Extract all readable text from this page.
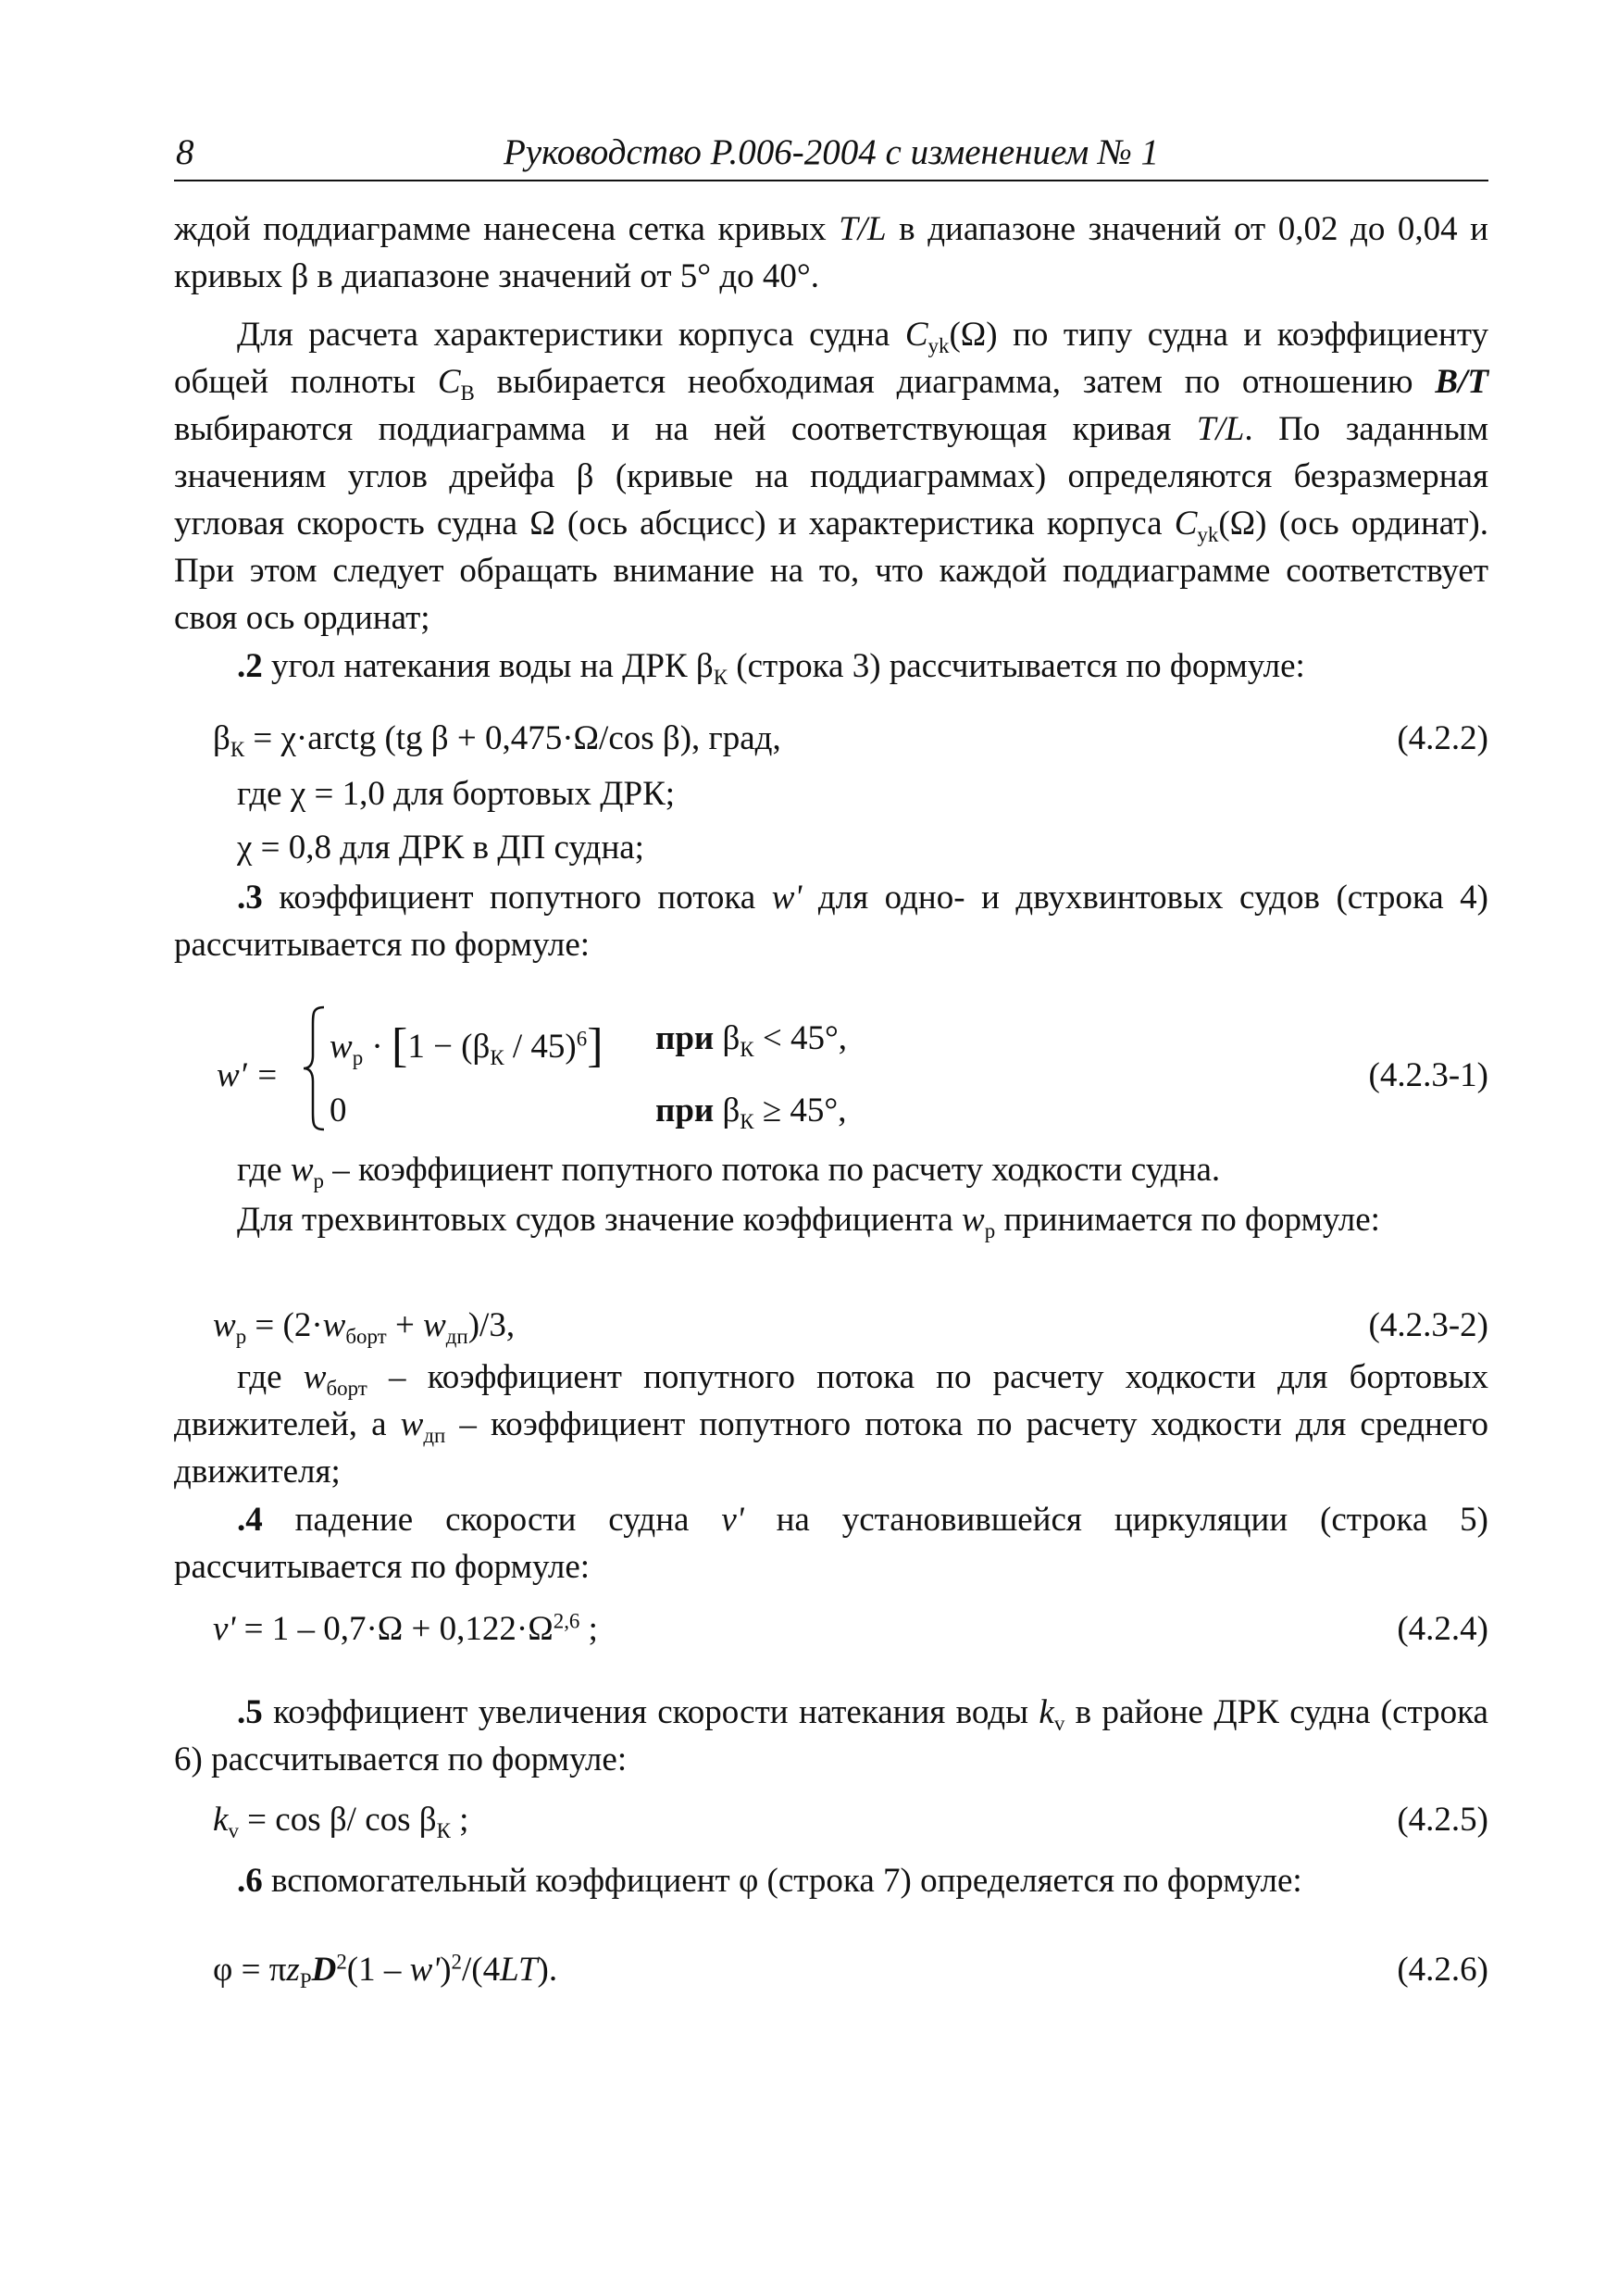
8	Руководство Р.006-2004 с изменением № 1

ждой поддиаграмме нанесена сетка кривых T/L в диапазоне значений от 0,02 до 0,04 и кривых β в диапазоне значений от 5° до 40°.

Для расчета характеристики корпуса судна $C_{yk}(\Omega)$ по типу судна и коэффициенту общей полноты $C_B$ выбирается необходимая диаграмма, затем по отношению B/T выбираются поддиаграмма и на ней соответствующая кривая T/L. По заданным значениям углов дрейфа β (кривые на поддиаграммах) определяются безразмерная угловая скорость судна Ω (ось абсцисс) и характеристика корпуса $C_{yk}(\Omega)$ (ось ординат). При этом следует обращать внимание на то, что каждой поддиаграмме соответствует своя ось ординат;

.2 угол натекания воды на ДРК $\beta_К$ (строка 3) рассчитывается по формуле:

$\beta_К$ = χ·arctg (tg β + 0,475·Ω/cos β), град,	(4.2.2)
где χ = 1,0 для бортовых ДРК;
χ = 0,8 для ДРК в ДП судна;

.3 коэффициент попутного потока w' для одно- и двухвинтовых судов (строка 4) рассчитывается по формуле:

w′ =
$w_р \cdot [1 - (\beta_К / 45)^6]$
0
при $\beta_К < 45^\circ$,
при $\beta_К \ge 45^\circ$,
(4.2.3-1)

где $w_р$ – коэффициент попутного потока по расчету ходкости судна.

Для трехвинтовых судов значение коэффициента $w_р$ принимается по формуле:

$w_р = (2\cdot w_{борт} + w_{дп})/3$,	(4.2.3-2)

где $w_{борт}$ – коэффициент попутного потока по расчету ходкости для бортовых движителей, а $w_{дп}$ – коэффициент попутного потока по расчету ходкости для среднего движителя;

.4 падение скорости судна v' на установившейся циркуляции (строка 5) рассчитывается по формуле:

$v' = 1 - 0,7\cdot\Omega + 0,122\cdot\Omega^{2,6}$ ;	(4.2.4)

.5 коэффициент увеличения скорости натекания воды $k_v$ в районе ДРК судна (строка 6) рассчитывается по формуле:

$k_v = \cos \beta/$ $\cos \beta_К$ ;	(4.2.5)

.6 вспомогательный коэффициент φ (строка 7) определяется по формуле:

$\varphi = \pi z_PD^2(1 - w')^2/(4LT)$.	(4.2.6)
